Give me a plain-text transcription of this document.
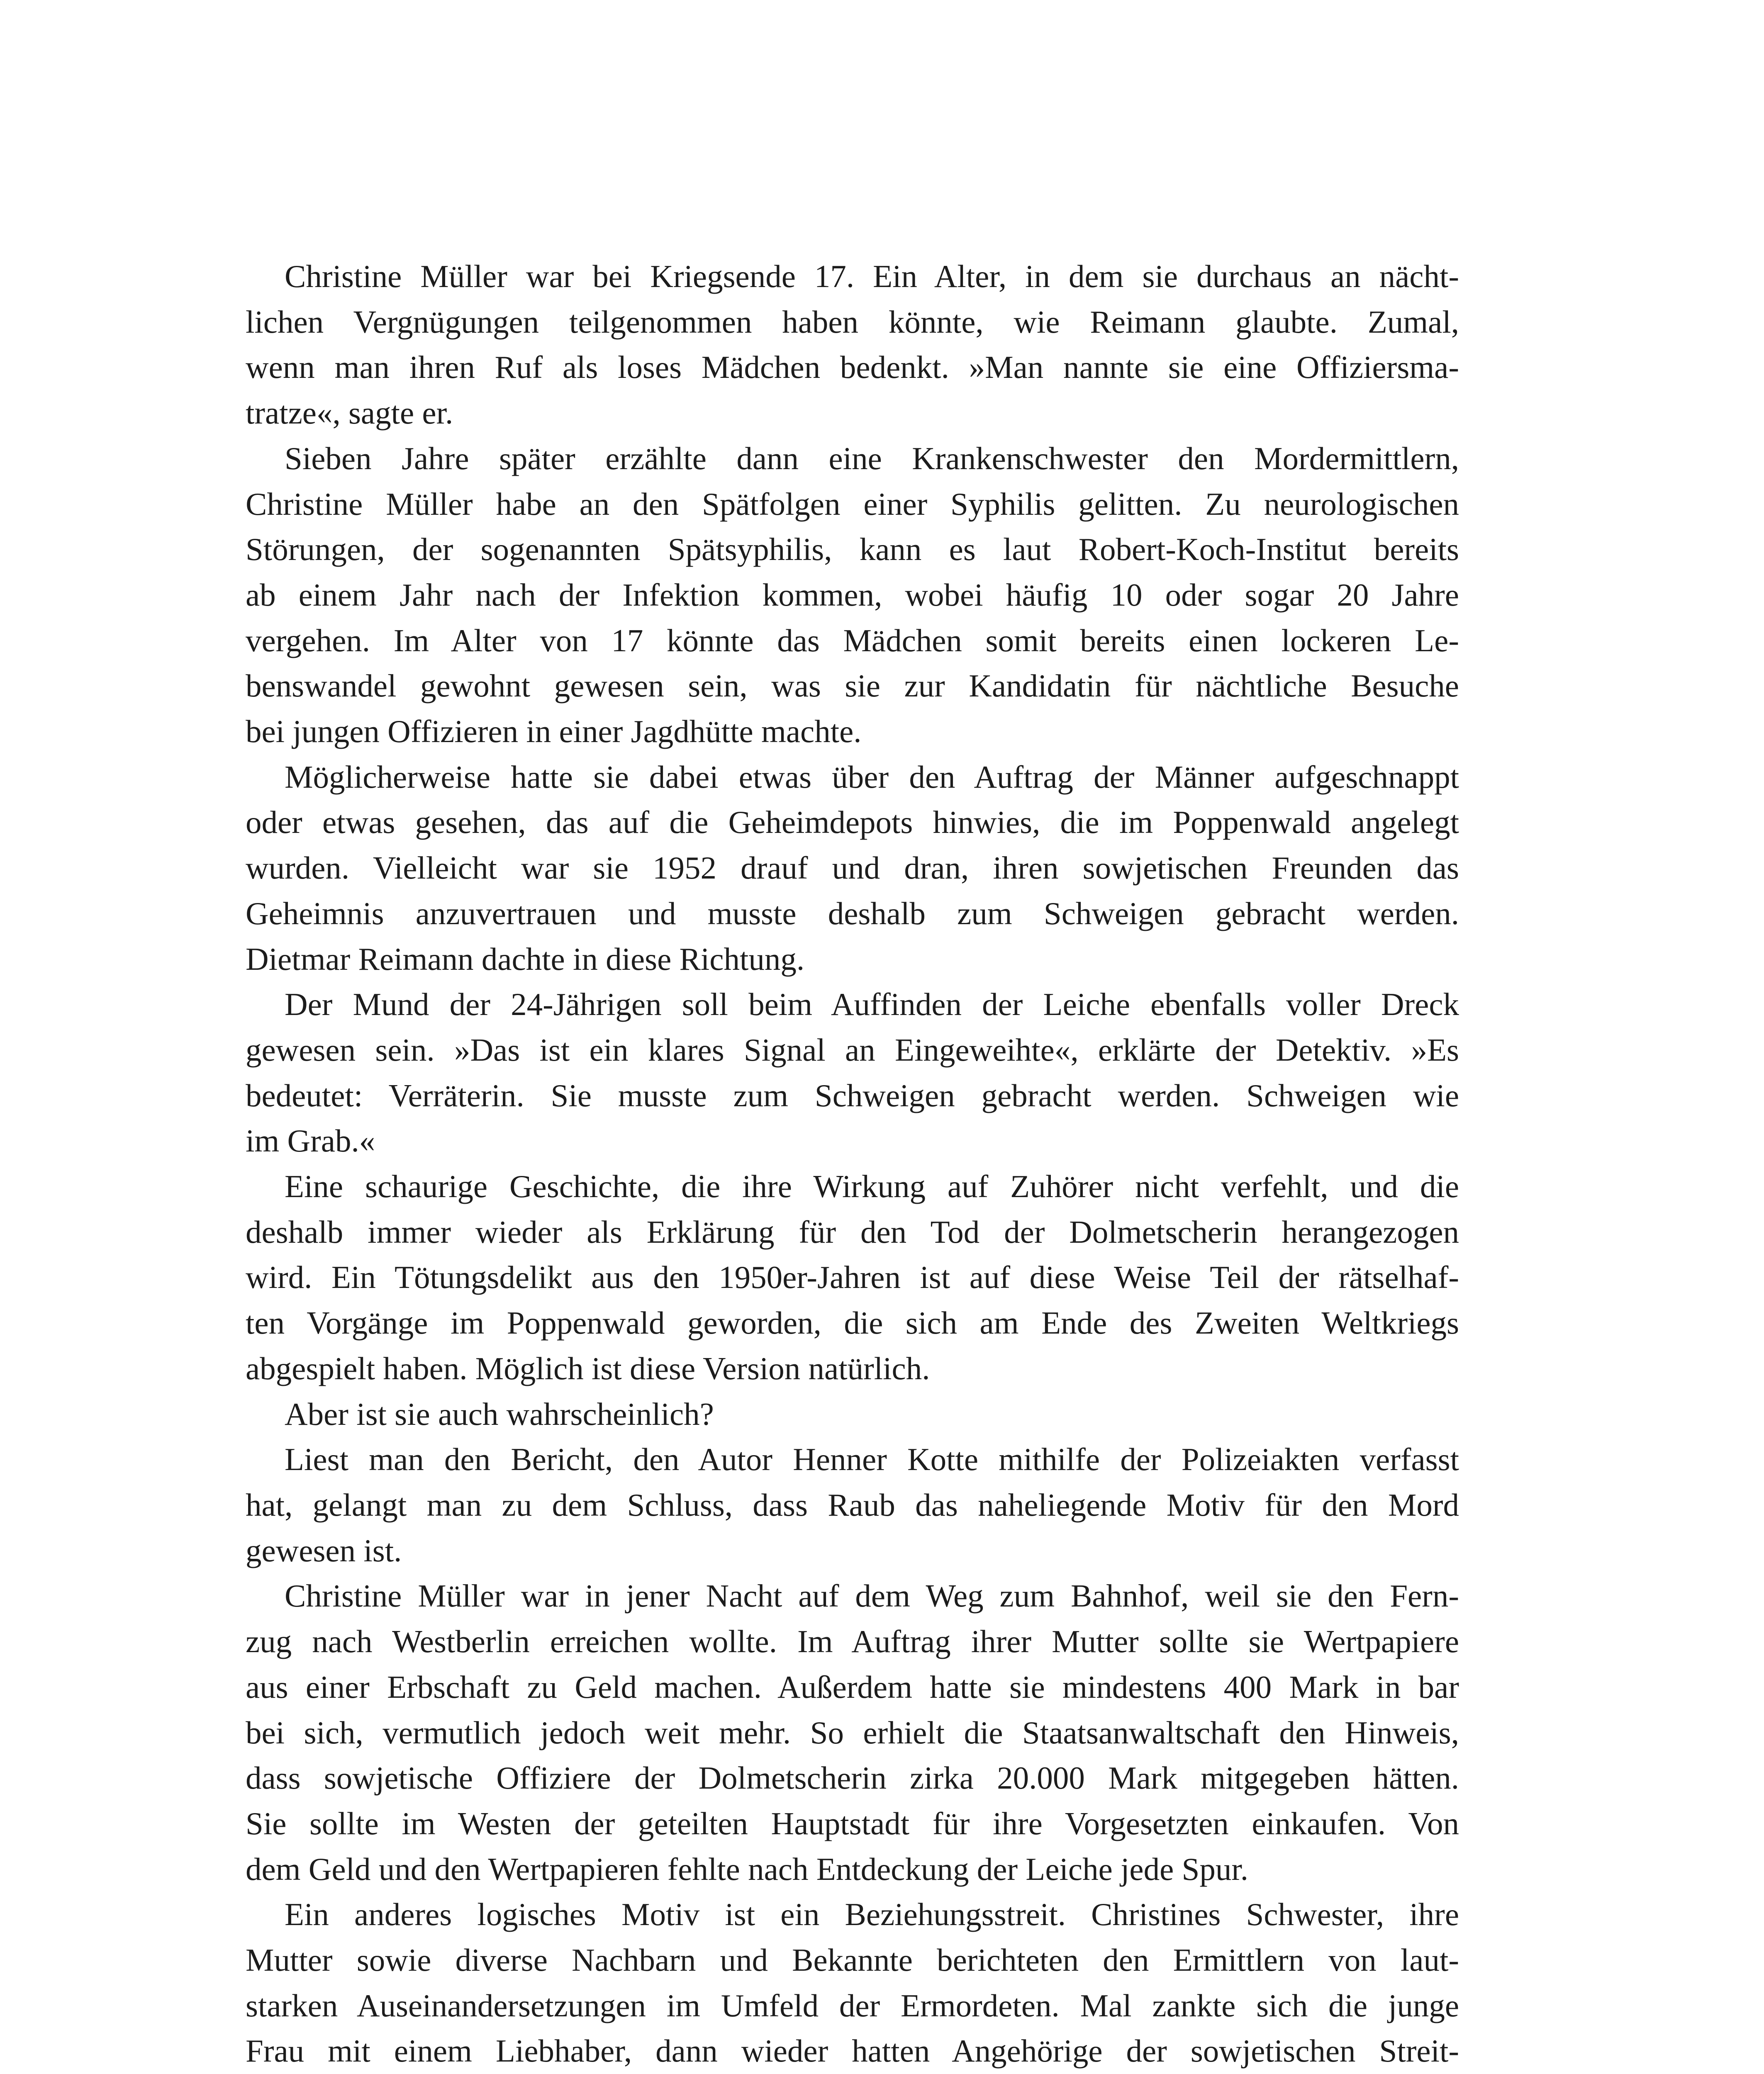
Christine Müller war bei Kriegsende 17. Ein Alter, in dem sie durchaus an nächt-
lichen Vergnügungen teilgenommen haben könnte, wie Reimann glaubte. Zumal,
wenn man ihren Ruf als loses Mädchen bedenkt. »Man nannte sie eine Offiziersma-
tratze«, sagte er.
Sieben Jahre später erzählte dann eine Krankenschwester den Mordermittlern,
Christine Müller habe an den Spätfolgen einer Syphilis gelitten. Zu neurologischen
Störungen, der sogenannten Spätsyphilis, kann es laut Robert-Koch-Institut bereits
ab einem Jahr nach der Infektion kommen, wobei häufig 10 oder sogar 20 Jahre
vergehen. Im Alter von 17 könnte das Mädchen somit bereits einen lockeren Le-
benswandel gewohnt gewesen sein, was sie zur Kandidatin für nächtliche Besuche
bei jungen Offizieren in einer Jagdhütte machte.
Möglicherweise hatte sie dabei etwas über den Auftrag der Männer aufgeschnappt
oder etwas gesehen, das auf die Geheimdepots hinwies, die im Poppenwald angelegt
wurden. Vielleicht war sie 1952 drauf und dran, ihren sowjetischen Freunden das
Geheimnis anzuvertrauen und musste deshalb zum Schweigen gebracht werden.
Dietmar Reimann dachte in diese Richtung.
Der Mund der 24-Jährigen soll beim Auffinden der Leiche ebenfalls voller Dreck
gewesen sein. »Das ist ein klares Signal an Eingeweihte«, erklärte der Detektiv. »Es
bedeutet: Verräterin. Sie musste zum Schweigen gebracht werden. Schweigen wie
im Grab.«
Eine schaurige Geschichte, die ihre Wirkung auf Zuhörer nicht verfehlt, und die
deshalb immer wieder als Erklärung für den Tod der Dolmetscherin herangezogen
wird. Ein Tötungsdelikt aus den 1950er-Jahren ist auf diese Weise Teil der rätselhaf-
ten Vorgänge im Poppenwald geworden, die sich am Ende des Zweiten Weltkriegs
abgespielt haben. Möglich ist diese Version natürlich.
Aber ist sie auch wahrscheinlich?
Liest man den Bericht, den Autor Henner Kotte mithilfe der Polizeiakten verfasst
hat, gelangt man zu dem Schluss, dass Raub das naheliegende Motiv für den Mord
gewesen ist.
Christine Müller war in jener Nacht auf dem Weg zum Bahnhof, weil sie den Fern-
zug nach Westberlin erreichen wollte. Im Auftrag ihrer Mutter sollte sie Wertpapiere
aus einer Erbschaft zu Geld machen. Außerdem hatte sie mindestens 400 Mark in bar
bei sich, vermutlich jedoch weit mehr. So erhielt die Staatsanwaltschaft den Hinweis,
dass sowjetische Offiziere der Dolmetscherin zirka 20.000 Mark mitgegeben hätten.
Sie sollte im Westen der geteilten Hauptstadt für ihre Vorgesetzten einkaufen. Von
dem Geld und den Wertpapieren fehlte nach Entdeckung der Leiche jede Spur.
Ein anderes logisches Motiv ist ein Beziehungsstreit. Christines Schwester, ihre
Mutter sowie diverse Nachbarn und Bekannte berichteten den Ermittlern von laut-
starken Auseinandersetzungen im Umfeld der Ermordeten. Mal zankte sich die junge
Frau mit einem Liebhaber, dann wieder hatten Angehörige der sowjetischen Streit-
